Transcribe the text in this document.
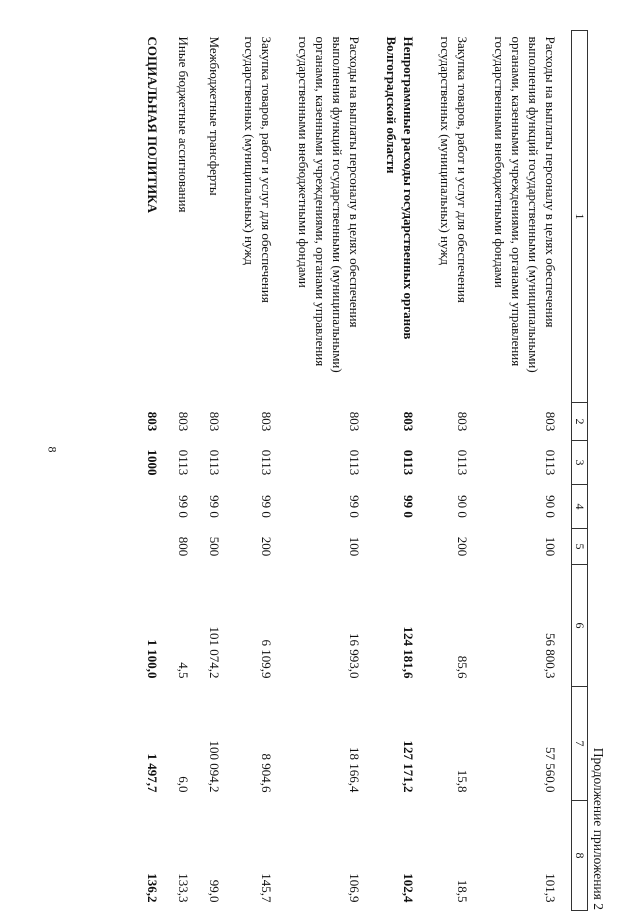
8
Продолжение приложения 2
1	2	3	4	5	6	7	8
Расходы на выплаты персоналу в целях обеспечения выполнения функций государственными (муниципальными) органами, казенными учреждениями, органами управления государственными внебюджетными фондами	803	0113	90 0	100	56 800,3	57 560,0	101,3
Закупка товаров, работ и услуг для обеспечения государственных (муниципальных) нужд	803	0113	90 0	200	85,6	15,8	18,5
Непрограммные расходы государственных органов Волгоградской области	803	0113	99 0		124 181,6	127 171,2	102,4
Расходы на выплаты персоналу в целях обеспечения выполнения функций государственными (муниципальными) органами, казенными учреждениями, органами управления государственными внебюджетными фондами	803	0113	99 0	100	16 993,0	18 166,4	106,9
Закупка товаров, работ и услуг для обеспечения государственных (муниципальных) нужд	803	0113	99 0	200	6 109,9	8 904,6	145,7
Межбюджетные трансферты	803	0113	99 0	500	101 074,2	100 094,2	99,0
Иные бюджетные ассигнования	803	0113	99 0	800	4,5	6,0	133,3
СОЦИАЛЬНАЯ ПОЛИТИКА	803	1000			1 100,0	1 497,7	136,2
